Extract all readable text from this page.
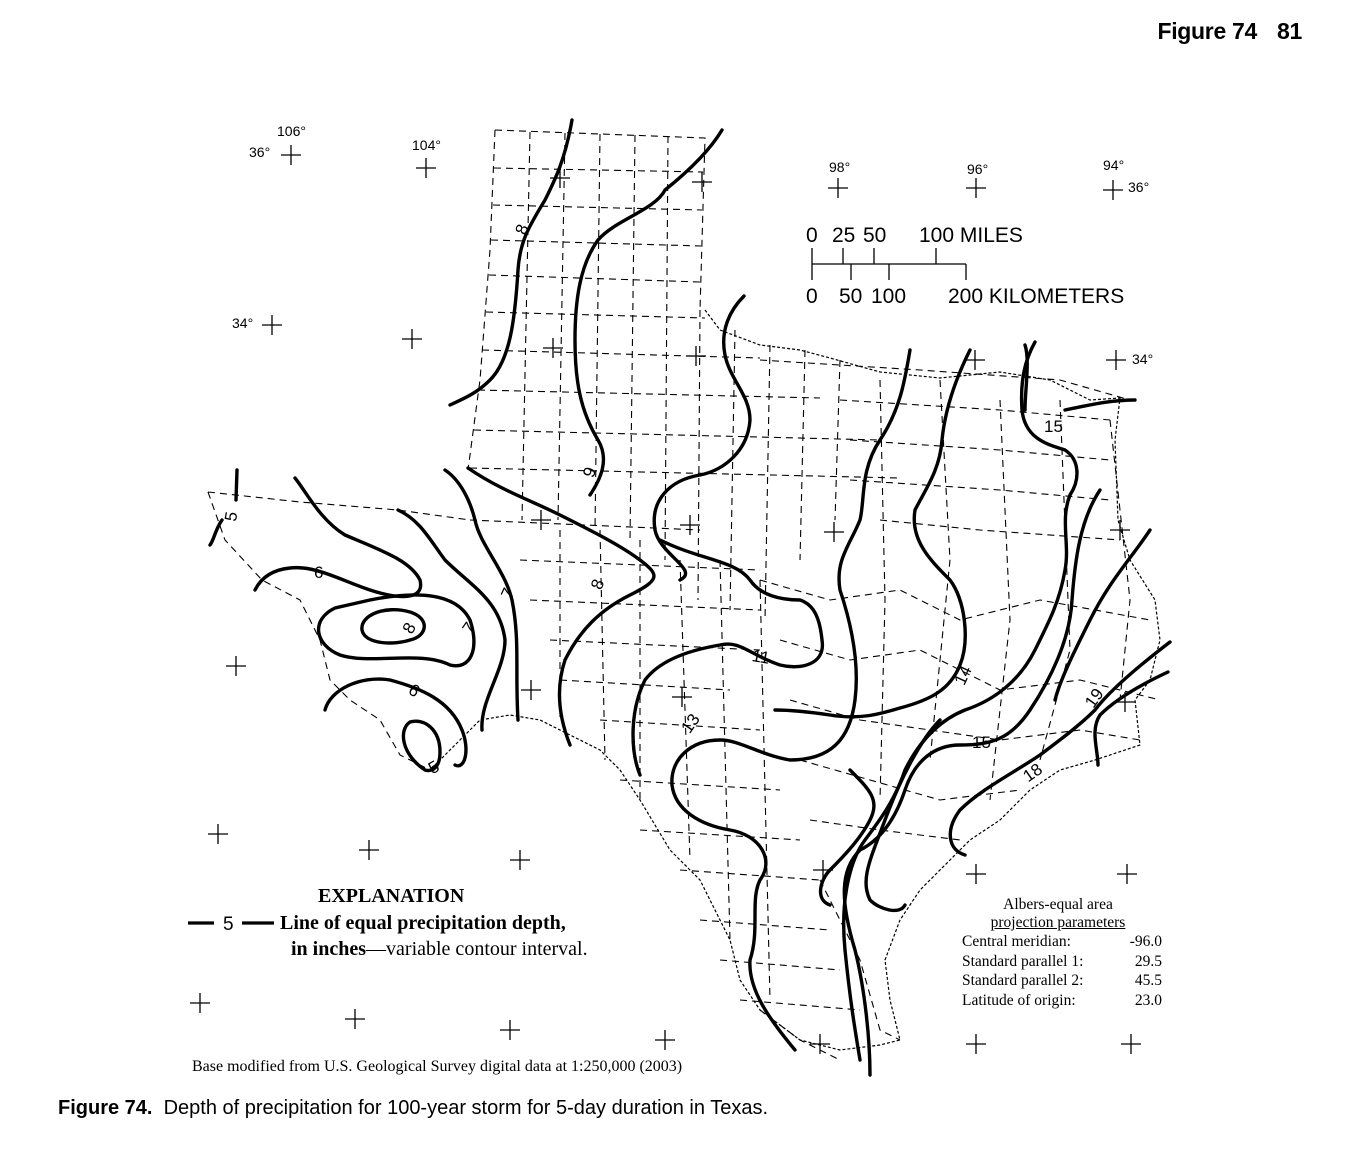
Figure 74 81
106°
36°	104°
98°	96°	94°
36°
34°
34°
0 25 50 100 MILES
0 50 100 200 KILOMETERS
5
5
6
6
7
7
8
8
8
9
11
13
14
15
15
18
19
EXPLANATION
5 Line of equal precipitation depth,
in inches—variable contour interval.
Albers-equal area
projection parameters
Central meridian:	-96.0
Standard parallel 1:	29.5
Standard parallel 2:	45.5
Latitude of origin:	23.0
Base modified from U.S. Geological Survey digital data at 1:250,000 (2003)
Figure 74. Depth of precipitation for 100-year storm for 5-day duration in Texas.
